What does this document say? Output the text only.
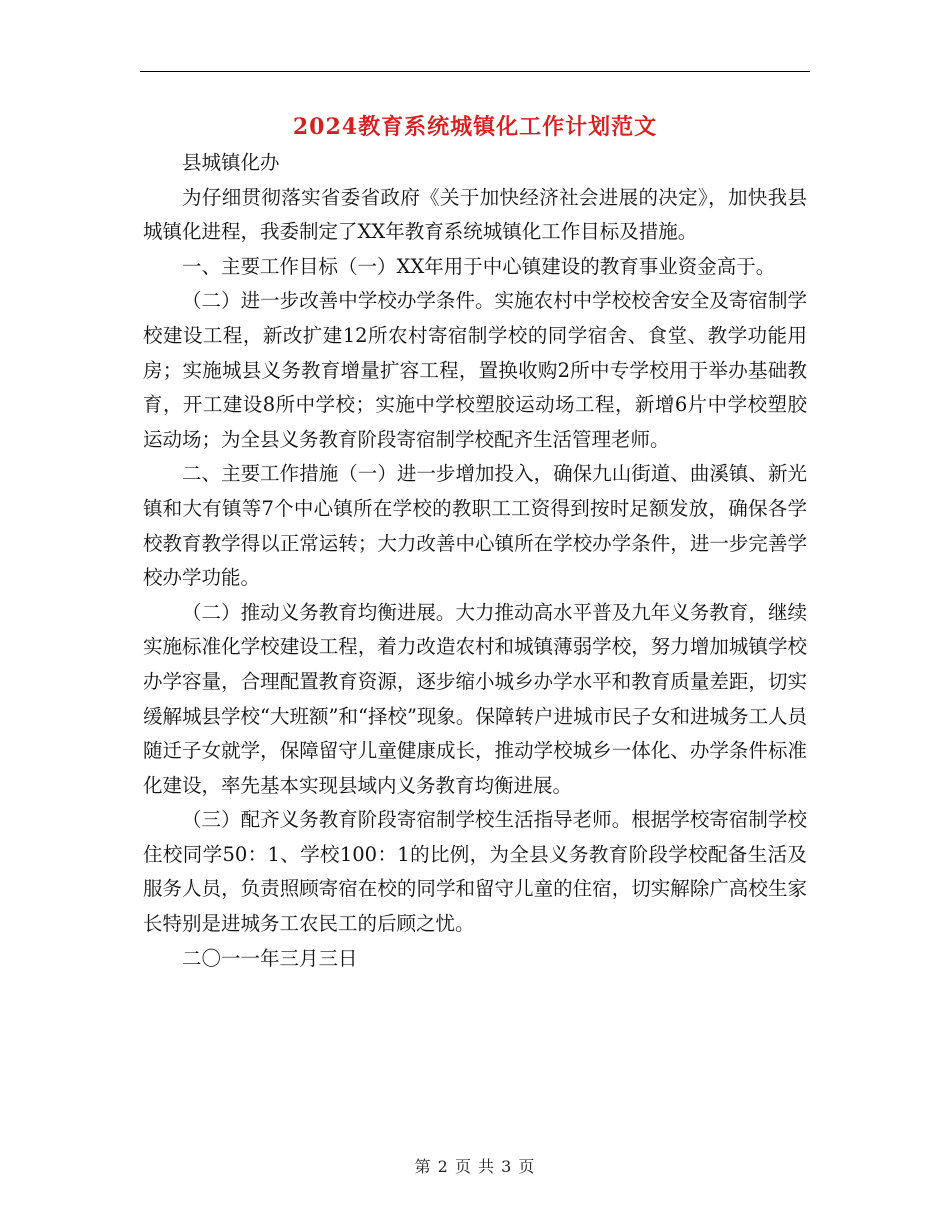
2024教育系统城镇化工作计划范文

县城镇化办

为仔细贯彻落实省委省政府《关于加快经济社会进展的决定》，加快我县城镇化进程，我委制定了XX年教育系统城镇化工作目标及措施。

一、主要工作目标（一）XX年用于中心镇建设的教育事业资金高于。

（二）进一步改善中学校办学条件。实施农村中学校校舍安全及寄宿制学校建设工程，新改扩建12所农村寄宿制学校的同学宿舍、食堂、教学功能用房；实施城县义务教育增量扩容工程，置换收购2所中专学校用于举办基础教育，开工建设8所中学校；实施中学校塑胶运动场工程，新增6片中学校塑胶运动场；为全县义务教育阶段寄宿制学校配齐生活管理老师。

二、主要工作措施（一）进一步增加投入，确保九山街道、曲溪镇、新光镇和大有镇等7个中心镇所在学校的教职工工资得到按时足额发放，确保各学校教育教学得以正常运转；大力改善中心镇所在学校办学条件，进一步完善学校办学功能。

（二）推动义务教育均衡进展。大力推动高水平普及九年义务教育，继续实施标准化学校建设工程，着力改造农村和城镇薄弱学校，努力增加城镇学校办学容量，合理配置教育资源，逐步缩小城乡办学水平和教育质量差距，切实缓解城县学校“大班额”和“择校”现象。保障转户进城市民子女和进城务工人员随迁子女就学，保障留守儿童健康成长，推动学校城乡一体化、办学条件标准化建设，率先基本实现县域内义务教育均衡进展。

（三）配齐义务教育阶段寄宿制学校生活指导老师。根据学校寄宿制学校住校同学50：1、学校100：1的比例，为全县义务教育阶段学校配备生活及服务人员，负责照顾寄宿在校的同学和留守儿童的住宿，切实解除广高校生家长特别是进城务工农民工的后顾之忧。

二〇一一年三月三日

第 2 页 共 3 页
